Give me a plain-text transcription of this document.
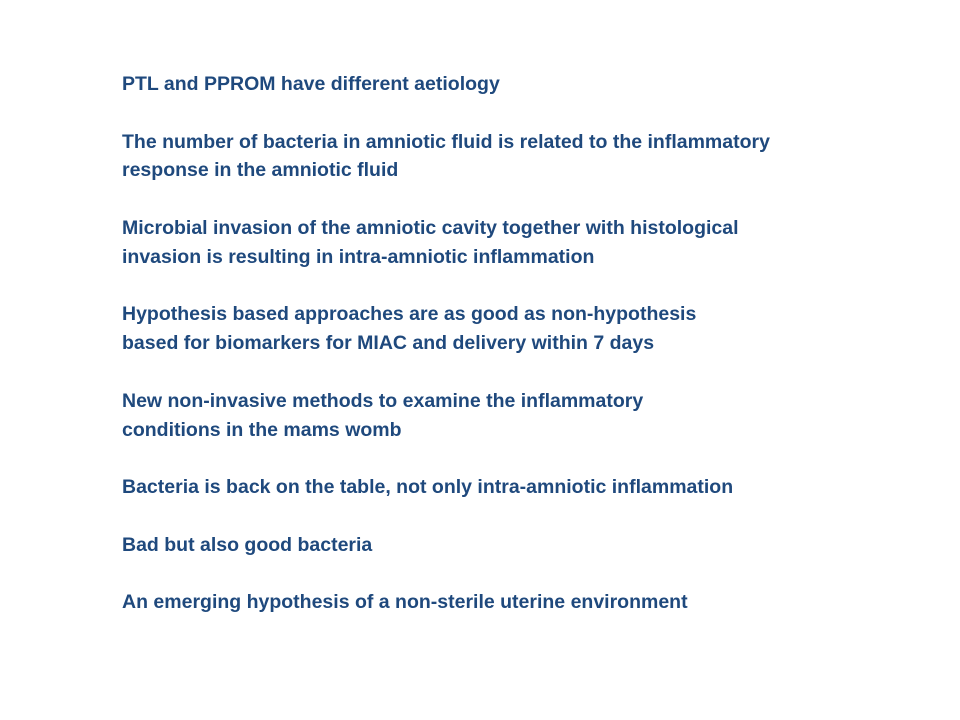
PTL and PPROM have different aetiology
The number of bacteria in amniotic fluid is related to the inflammatory
response in the amniotic fluid
Microbial invasion of the amniotic cavity together with histological
invasion is resulting in intra-amniotic inflammation
Hypothesis based approaches are as good as non-hypothesis
based for biomarkers for MIAC and delivery within 7 days
New non-invasive methods to examine the inflammatory
conditions in the mams womb
Bacteria is back on the table, not only intra-amniotic inflammation
Bad but also good bacteria
An emerging hypothesis of a non-sterile uterine environment
